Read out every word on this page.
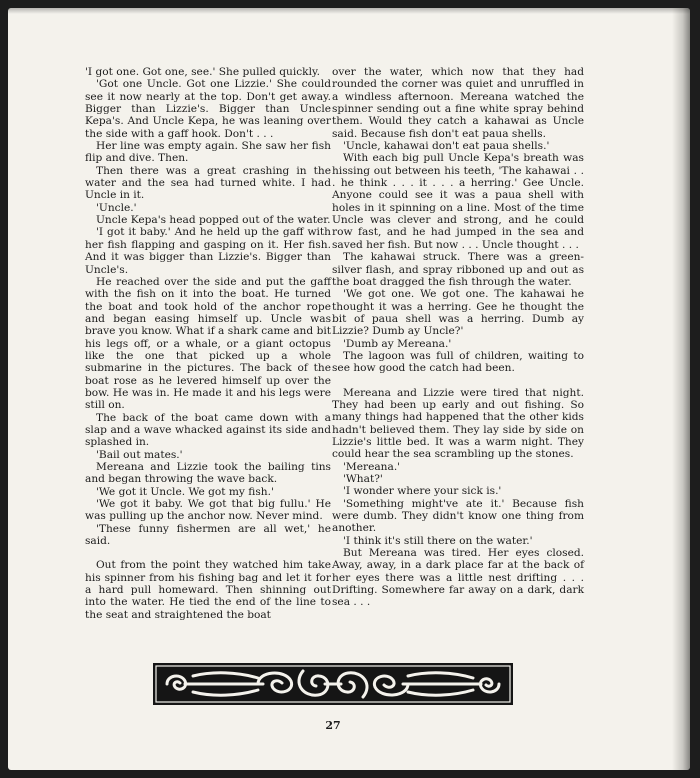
'I got one. Got one, see.' She pulled quickly.

'Got one Uncle. Got one Lizzie.' She could see it now nearly at the top. Don't get away. Bigger than Lizzie's. Bigger than Uncle Kepa's. And Uncle Kepa, he was leaning over the side with a gaff hook. Don't . . .

Her line was empty again. She saw her fish flip and dive. Then.

Then there was a great crashing in the water and the sea had turned white. I had Uncle in it.

'Uncle.'

Uncle Kepa's head popped out of the water.

'I got it baby.' And he held up the gaff with her fish flapping and gasping on it. Her fish. And it was bigger than Lizzie's. Bigger than Uncle's.

He reached over the side and put the gaff with the fish on it into the boat. He turned the boat and took hold of the anchor rope and began easing himself up. Uncle was brave you know. What if a shark came and bit his legs off, or a whale, or a giant octopus like the one that picked up a whole submarine in the pictures. The back of the boat rose as he levered himself up over the bow. He was in. He made it and his legs were still on.

The back of the boat came down with a slap and a wave whacked against its side and splashed in.

'Bail out mates.'

Mereana and Lizzie took the bailing tins and began throwing the wave back.

'We got it Uncle. We got my fish.'

'We got it baby. We got that big fullu.' He was pulling up the anchor now. Never mind.

'These funny fishermen are all wet,' he said.

Out from the point they watched him take his spinner from his fishing bag and let it for a hard pull homeward. Then shinning out into the water. He tied the end of the line to the seat and straightened the boat

over the water, which now that they had rounded the corner was quiet and unruffled in a windless afternoon. Mereana watched the spinner sending out a fine white spray behind them. Would they catch a kahawai as Uncle said. Because fish don't eat paua shells.

'Uncle, kahawai don't eat paua shells.'

With each big pull Uncle Kepa's breath was hissing out between his teeth, 'The kahawai . . . he think . . . it . . . a herring.' Gee Uncle. Anyone could see it was a paua shell with holes in it spinning on a line. Most of the time Uncle was clever and strong, and he could row fast, and he had jumped in the sea and saved her fish. But now . . . Uncle thought . . .

The kahawai struck. There was a green-silver flash, and spray ribboned up and out as the boat dragged the fish through the water.

'We got one. We got one. The kahawai he thought it was a herring. Gee he thought the bit of paua shell was a herring. Dumb ay Lizzie? Dumb ay Uncle?'

'Dumb ay Mereana.'

The lagoon was full of children, waiting to see how good the catch had been.

Mereana and Lizzie were tired that night. They had been up early and out fishing. So many things had happened that the other kids hadn't believed them. They lay side by side on Lizzie's little bed. It was a warm night. They could hear the sea scrambling up the stones.

'Mereana.'

'What?'

'I wonder where your sick is.'

'Something might've ate it.' Because fish were dumb. They didn't know one thing from another.

'I think it's still there on the water.'

But Mereana was tired. Her eyes closed. Away, away, in a dark place far at the back of her eyes there was a little nest drifting . . . Drifting. Somewhere far away on a dark, dark sea . . .

27
